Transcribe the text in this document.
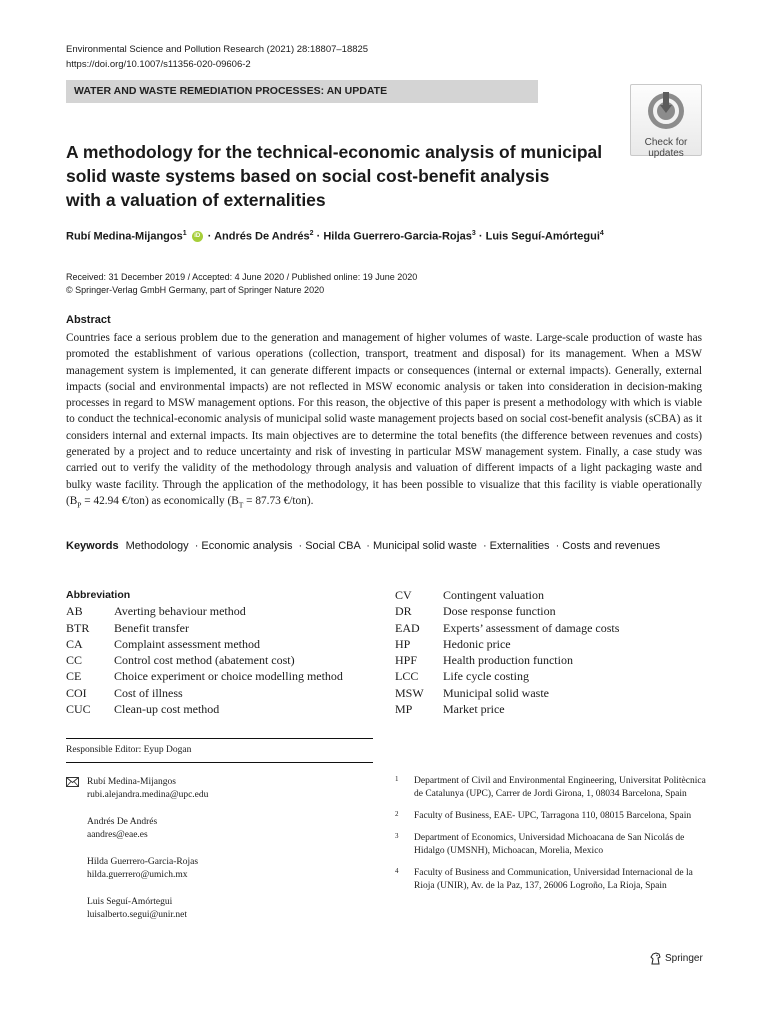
Environmental Science and Pollution Research (2021) 28:18807–18825
https://doi.org/10.1007/s11356-020-09606-2
WATER AND WASTE REMEDIATION PROCESSES: AN UPDATE
Check for
updates
A methodology for the technical-economic analysis of municipal
solid waste systems based on social cost-benefit analysis
with a valuation of externalities
Rubí Medina-Mijangos$^1$ iD · Andrés De Andrés$^2$ · Hilda Guerrero-Garcia-Rojas$^3$ · Luis Seguí-Amórtegui$^4$
Received: 31 December 2019 / Accepted: 4 June 2020 / Published online: 19 June 2020
© Springer-Verlag GmbH Germany, part of Springer Nature 2020
Abstract
Countries face a serious problem due to the generation and management of higher volumes of waste. Large-scale production of waste has promoted the establishment of various operations (collection, transport, treatment and disposal) for its management. When a MSW management system is implemented, it can generate different impacts or consequences (internal or external impacts). Generally, external impacts (social and environmental impacts) are not reflected in MSW economic analysis or taken into consideration in decision-making processes in regard to MSW management options. For this reason, the objective of this paper is present a methodology with which is viable to conduct the technical-economic analysis of municipal solid waste management projects based on social cost-benefit analysis (sCBA) as it considers internal and external impacts. Its main objectives are to determine the total benefits (the difference between revenues and costs) generated by a project and to reduce uncertainty and risk of investing in particular MSW management system. Finally, a case study was carried out to verify the validity of the methodology through analysis and valuation of different impacts of a light packaging waste and bulky waste facility. Through the application of the methodology, it has been possible to visualize that this facility is viable operationally ($B_P = 42.94$ €/ton) as economically ($B_T = 87.73$ €/ton).
Keywords Methodology · Economic analysis · Social CBA · Municipal solid waste · Externalities · Costs and revenues
Abbreviation
AB	Averting behaviour method
BTR	Benefit transfer
CA	Complaint assessment method
CC	Control cost method (abatement cost)
CE	Choice experiment or choice modelling method
COI	Cost of illness
CUC	Clean-up cost method
CV	Contingent valuation
DR	Dose response function
EAD	Experts’ assessment of damage costs
HP	Hedonic price
HPF	Health production function
LCC	Life cycle costing
MSW	Municipal solid waste
MP	Market price
Responsible Editor: Eyup Dogan
Rubí Medina-Mijangos
rubi.alejandra.medina@upc.edu
Andrés De Andrés
aandres@eae.es
Hilda Guerrero-Garcia-Rojas
hilda.guerrero@umich.mx
Luis Seguí-Amórtegui
luisalberto.segui@unir.net
1	Department of Civil and Environmental Engineering, Universitat Politècnica de Catalunya (UPC), Carrer de Jordi Girona, 1, 08034 Barcelona, Spain
2	Faculty of Business, EAE- UPC, Tarragona 110, 08015 Barcelona, Spain
3	Department of Economics, Universidad Michoacana de San Nicolás de Hidalgo (UMSNH), Michoacan, Morelia, Mexico
4	Faculty of Business and Communication, Universidad Internacional de la Rioja (UNIR), Av. de la Paz, 137, 26006 Logroño, La Rioja, Spain
Springer
